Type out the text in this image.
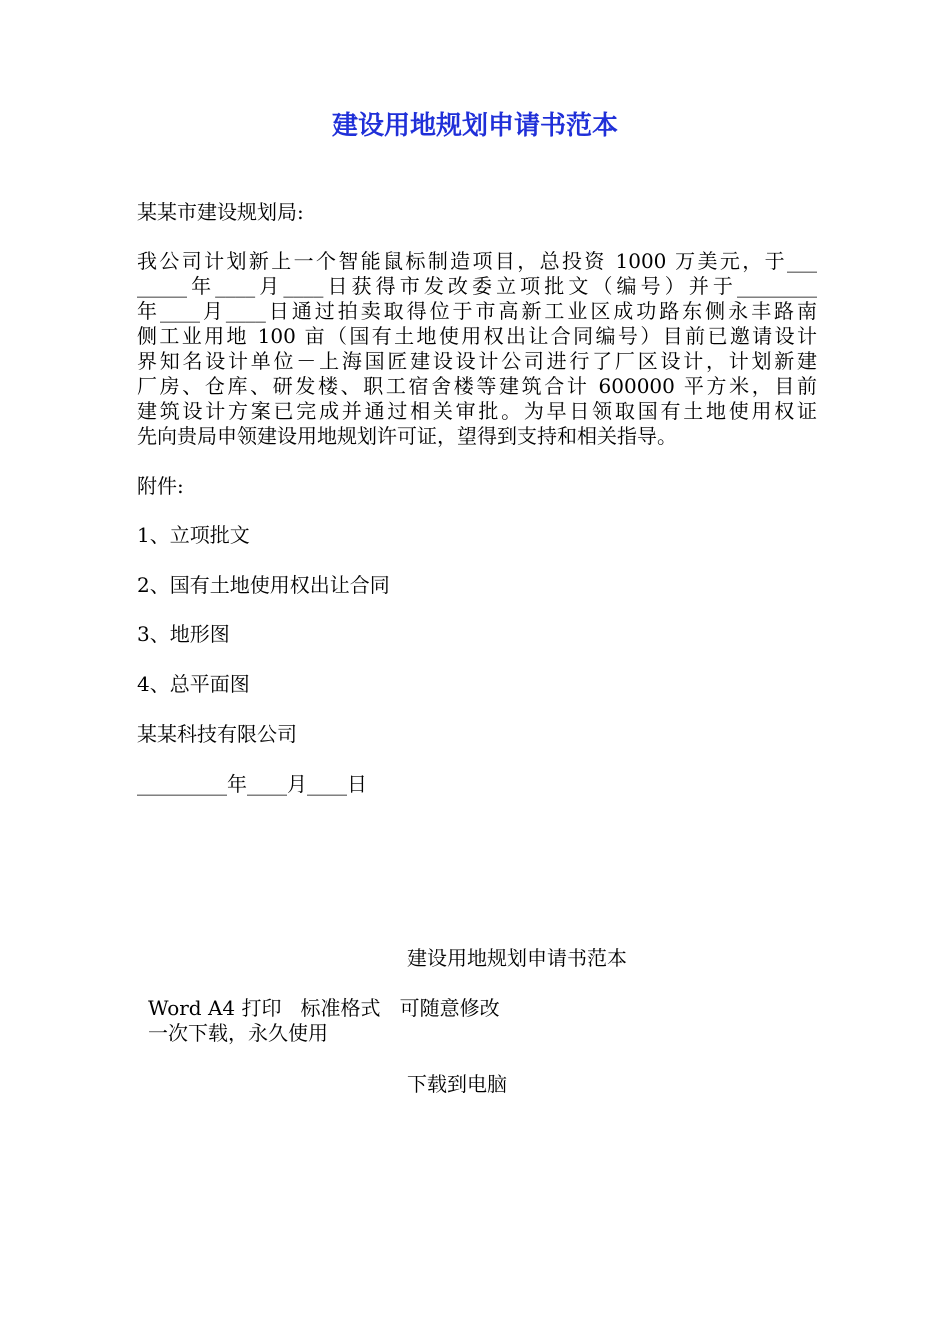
建设用地规划申请书范本

某某市建设规划局:

我公司计划新上一个智能鼠标制造项目，总投资 1000 万美元，于___
_____年____月____日获得市发改委立项批文（编号）并于________
年____月____日通过拍卖取得位于市高新工业区成功路东侧永丰路南
侧工业用地 100 亩（国有土地使用权出让合同编号）目前已邀请设计
界知名设计单位－上海国匠建设设计公司进行了厂区设计，计划新建
厂房、仓库、研发楼、职工宿舍楼等建筑合计 600000 平方米，目前
建筑设计方案已完成并通过相关审批。为早日领取国有土地使用权证
先向贵局申领建设用地规划许可证，望得到支持和相关指导。

附件:

1、立项批文

2、国有土地使用权出让合同

3、地形图

4、总平面图

某某科技有限公司

_________年____月____日

建设用地规划申请书范本

Word A4 打印   标准格式   可随意修改

一次下载，永久使用

下载到电脑
